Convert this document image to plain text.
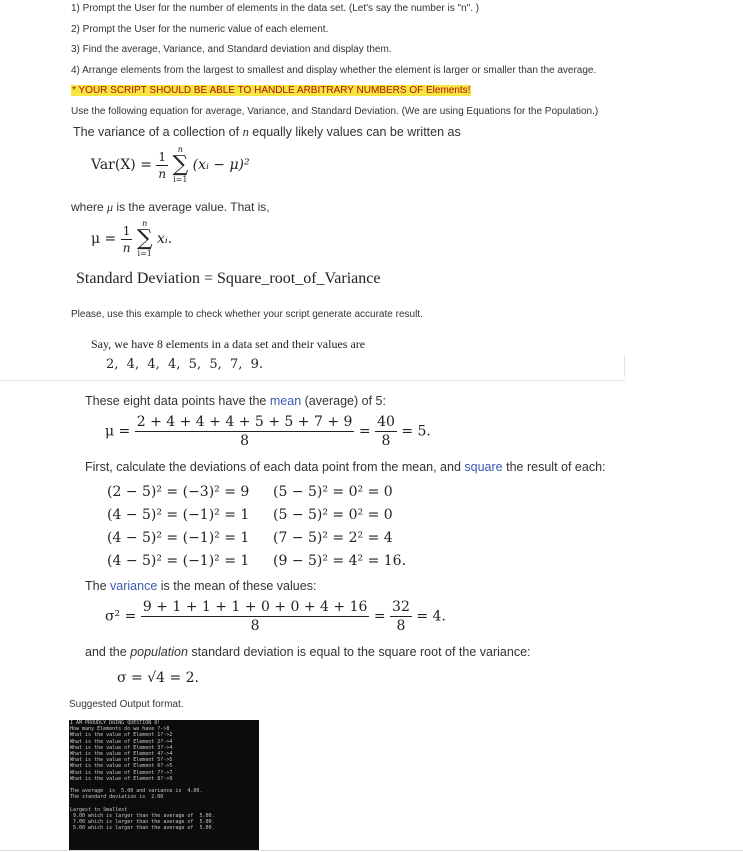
1) Prompt the User for the number of elements in the data set. (Let's say the number is "n". )
2) Prompt the User for the numeric value of each element.
3) Find the average, Variance, and Standard deviation and display them.
4) Arrange elements from the largest to smallest and display whether the element is larger or smaller than the average.
* YOUR SCRIPT SHOULD BE ABLE TO HANDLE ARBITRARY NUMBERS OF Elements!
Use the following equation for average, Variance, and Standard Deviation. (We are using Equations for the Population.)
The variance of a collection of n equally likely values can be written as
$Var(X) = \frac{1}{n}$
n
∑
i=1
(xᵢ − μ)²
where μ is the average value. That is,
$\mu = \frac{1}{n}$
n
∑
i=1
xᵢ.
Standard Deviation = Square_root_of_Variance
Please, use this example to check whether your script generate accurate result.
Say, we have 8 elements in a data set and their values are
2,  4,  4,  4,  5,  5,  7,  9.
These eight data points have the mean (average) of 5:
$\mu = \frac{2 + 4 + 4 + 4 + 5 + 5 + 7 + 9}{8} = \frac{40}{8} = 5$.
First, calculate the deviations of each data point from the mean, and square the result of each:
(2 − 5)² = (−3)² = 9
(4 − 5)² = (−1)² = 1
(4 − 5)² = (−1)² = 1
(4 − 5)² = (−1)² = 1
(5 − 5)² = 0² = 0
(5 − 5)² = 0² = 0
(7 − 5)² = 2² = 4
(9 − 5)² = 4² = 16.
The variance is the mean of these values:
$\sigma^2 = \frac{9 + 1 + 1 + 1 + 0 + 0 + 4 + 16}{8} = \frac{32}{8} = 4$.
and the population standard deviation is equal to the square root of the variance:
σ = √4 = 2.
Suggested Output format.
I AM PROUDLY DOING QUESTION 8!
How many Elements do we have ?->8
What is the value of Element 1?->2
What is the value of Element 2?->4
What is the value of Element 3?->4
What is the value of Element 4?->4
What is the value of Element 5?->5
What is the value of Element 6?->5
What is the value of Element 7?->7
What is the value of Element 8?->9

The average  is  5.00 and variance is  4.00.
The standard deviation is  2.00

Largest to Smallest
9.00 which is larger than the average of  5.00.
7.00 which is larger than the average of  5.00.
5.00 which is larger than the average of  5.00.
